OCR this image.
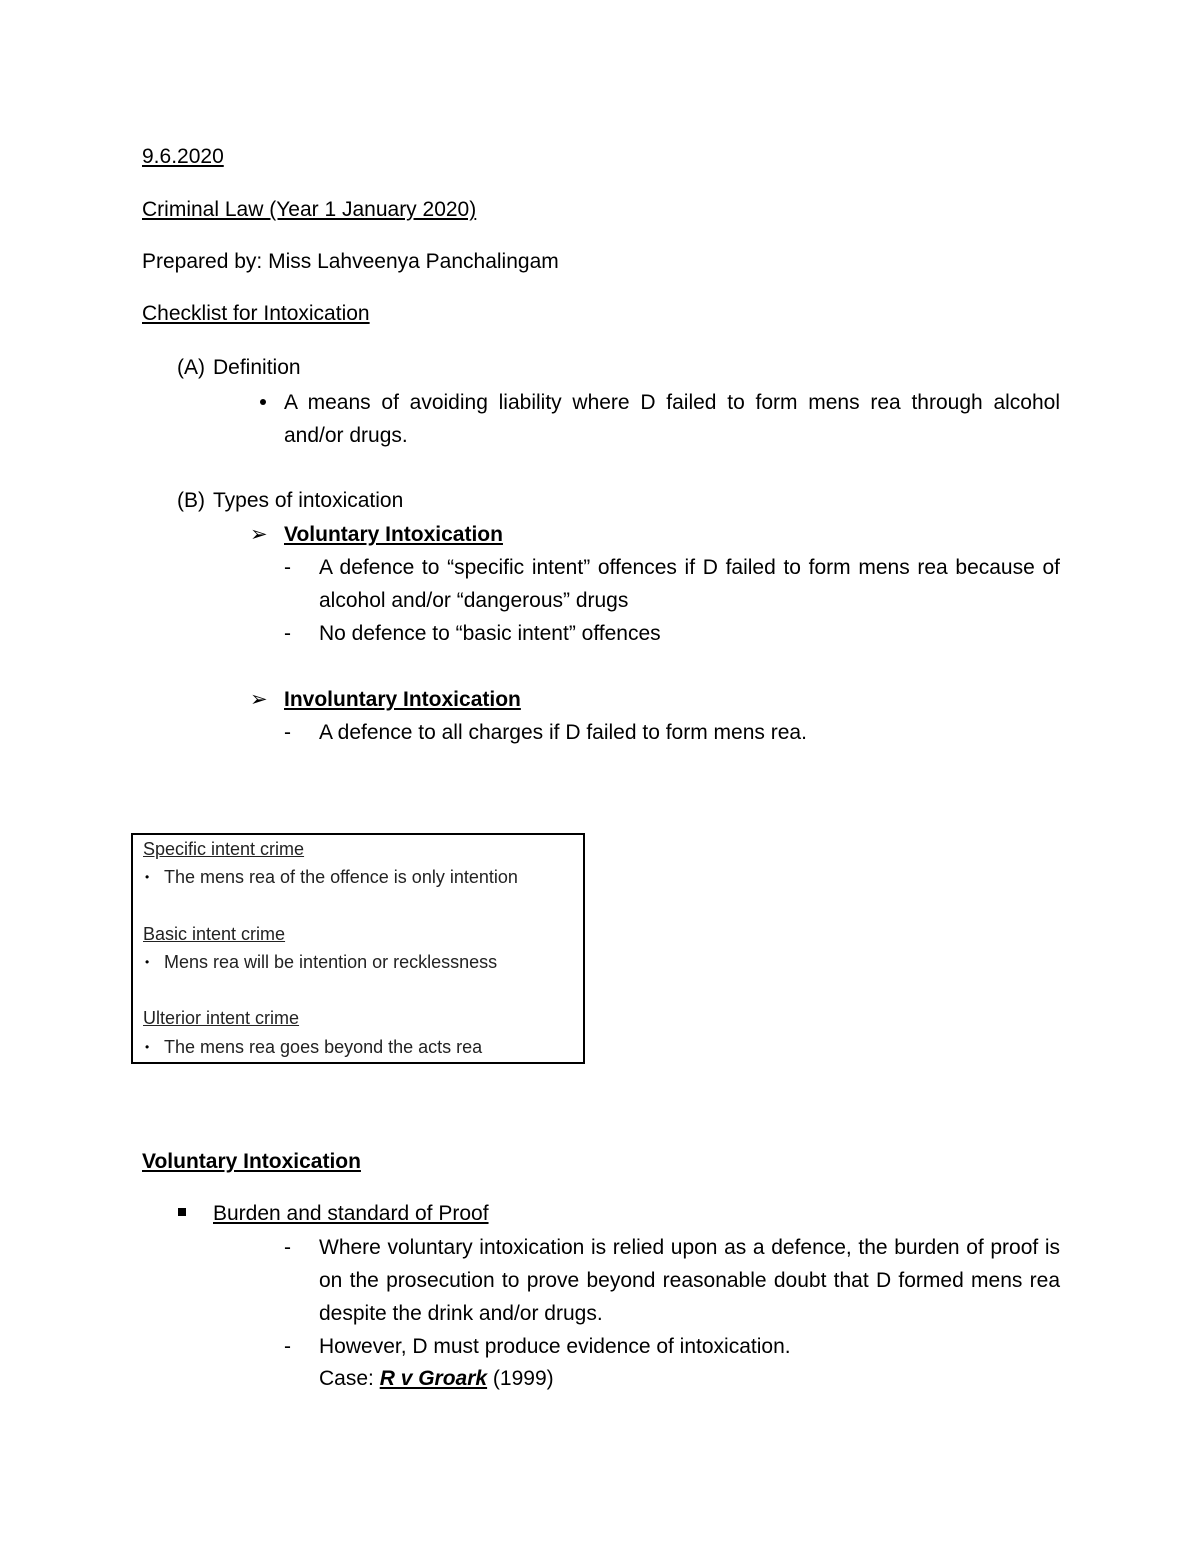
9.6.2020
Criminal Law (Year 1 January 2020)
Prepared by: Miss Lahveenya Panchalingam
Checklist for Intoxication
(A) Definition
A means of avoiding liability where D failed to form mens rea through alcohol and/or drugs.
(B) Types of intoxication
➢ Voluntary Intoxication
- A defence to “specific intent” offences if D failed to form mens rea because of alcohol and/or “dangerous” drugs
- No defence to “basic intent” offences
➢ Involuntary Intoxication
- A defence to all charges if D failed to form mens rea.
Specific intent crime
• The mens rea of the offence is only intention
Basic intent crime
• Mens rea will be intention or recklessness
Ulterior intent crime
• The mens rea goes beyond the acts rea
Voluntary Intoxication
Burden and standard of Proof
- Where voluntary intoxication is relied upon as a defence, the burden of proof is on the prosecution to prove beyond reasonable doubt that D formed mens rea despite the drink and/or drugs.
- However, D must produce evidence of intoxication.
Case: R v Groark (1999)
